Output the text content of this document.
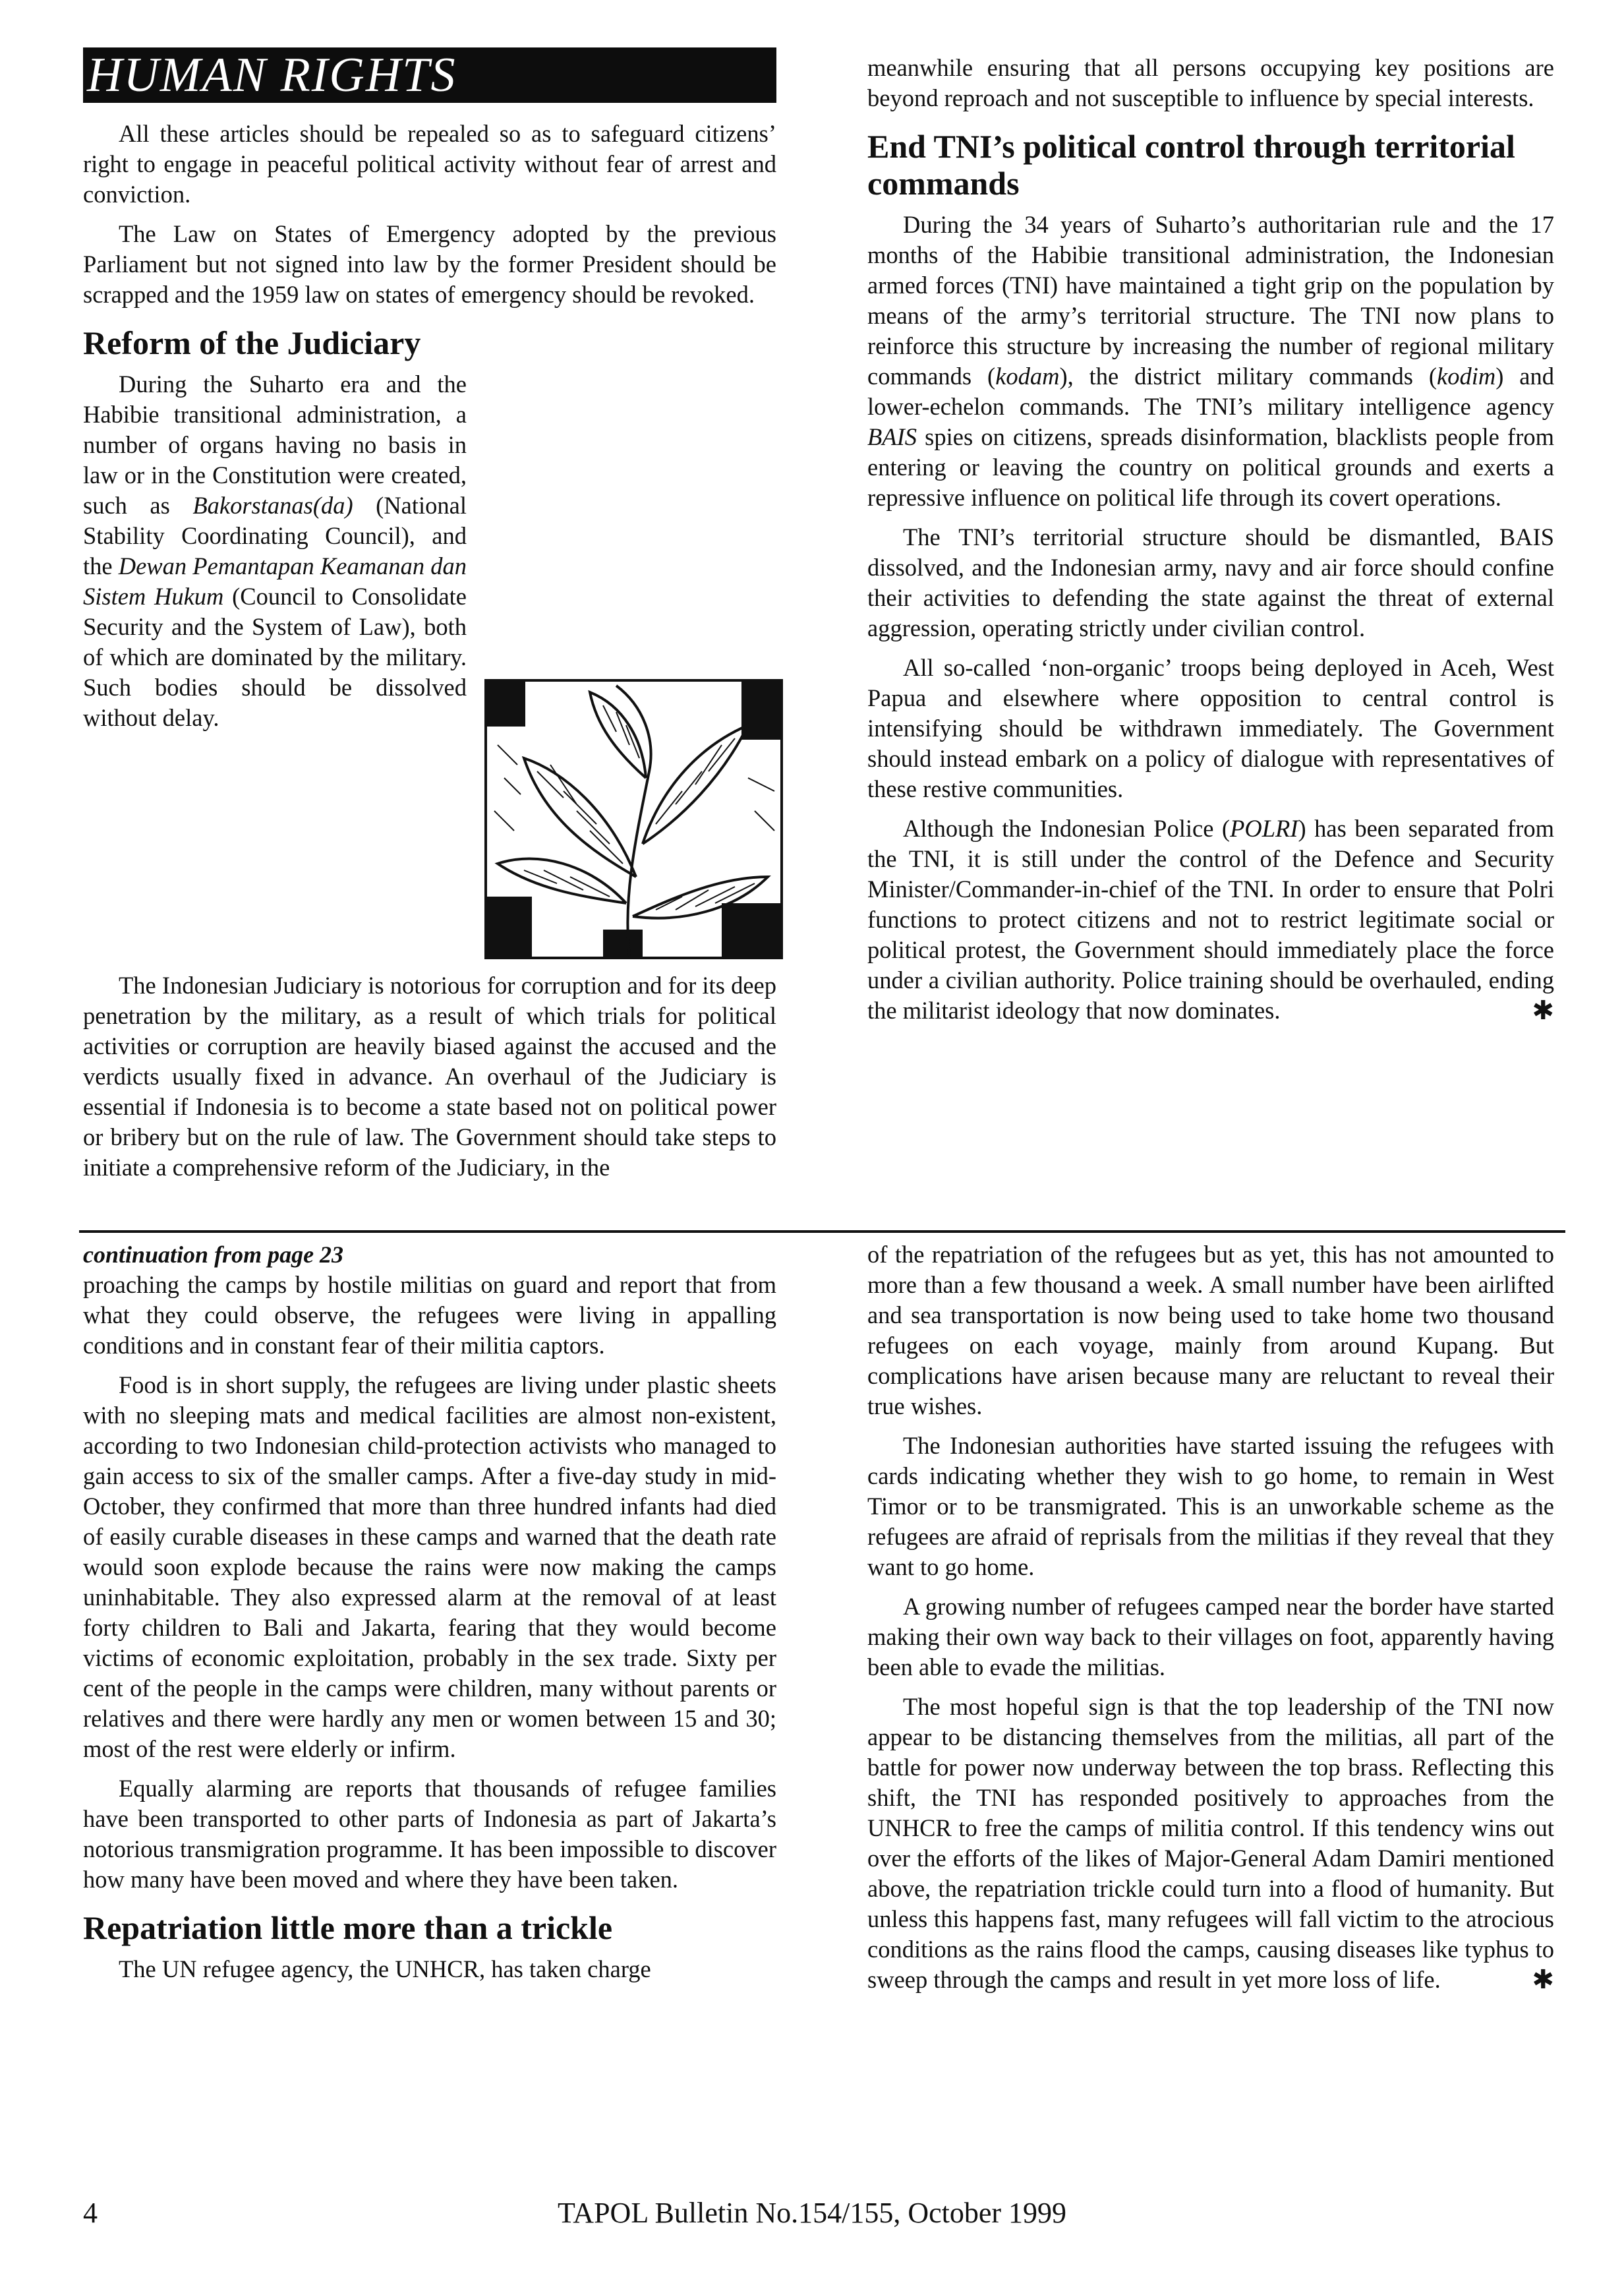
HUMAN RIGHTS

All these articles should be repealed so as to safeguard citizens’ right to engage in peaceful political activity without fear of arrest and conviction.

The Law on States of Emergency adopted by the previous Parliament but not signed into law by the former President should be scrapped and the 1959 law on states of emergency should be revoked.

Reform of the Judiciary

During the Suharto era and the Habibie transitional administration, a number of organs having no basis in law or in the Constitution were created, such as Bakorstanas(da) (National Stability Coordinating Council), and the Dewan Pemantapan Keamanan dan Sistem Hukum (Council to Consolidate Security and the System of Law), both of which are dominated by the military. Such bodies should be dissolved without delay.

The Indonesian Judiciary is notorious for corruption and for its deep penetration by the military, as a result of which trials for political activities or corruption are heavily biased against the accused and the verdicts usually fixed in advance. An overhaul of the Judiciary is essential if Indonesia is to become a state based not on political power or bribery but on the rule of law. The Government should take steps to initiate a comprehensive reform of the Judiciary, in the

meanwhile ensuring that all persons occupying key positions are beyond reproach and not susceptible to influence by special interests.

End TNI’s political control through territorial commands

During the 34 years of Suharto’s authoritarian rule and the 17 months of the Habibie transitional administration, the Indonesian armed forces (TNI) have maintained a tight grip on the population by means of the army’s territorial structure. The TNI now plans to reinforce this structure by increasing the number of regional military commands (kodam), the district military commands (kodim) and lower-echelon commands. The TNI’s military intelligence agency BAIS spies on citizens, spreads disinformation, blacklists people from entering or leaving the country on political grounds and exerts a repressive influence on political life through its covert operations.

The TNI’s territorial structure should be dismantled, BAIS dissolved, and the Indonesian army, navy and air force should confine their activities to defending the state against the threat of external aggression, operating strictly under civilian control.

All so-called ‘non-organic’ troops being deployed in Aceh, West Papua and elsewhere where opposition to central control is intensifying should be withdrawn immediately. The Government should instead embark on a policy of dialogue with representatives of these restive communities.

Although the Indonesian Police (POLRI) has been separated from the TNI, it is still under the control of the Defence and Security Minister/Commander-in-chief of the TNI. In order to ensure that Polri functions to protect citizens and not to restrict legitimate social or political protest, the Government should immediately place the force under a civilian authority. Police training should be overhauled, ending the militarist ideology that now dominates.	✱

continuation from page 23

proaching the camps by hostile militias on guard and report that from what they could observe, the refugees were living in appalling conditions and in constant fear of their militia captors.

Food is in short supply, the refugees are living under plastic sheets with no sleeping mats and medical facilities are almost non-existent, according to two Indonesian child-protection activists who managed to gain access to six of the smaller camps. After a five-day study in mid-October, they confirmed that more than three hundred infants had died of easily curable diseases in these camps and warned that the death rate would soon explode because the rains were now making the camps uninhabitable. They also expressed alarm at the removal of at least forty children to Bali and Jakarta, fearing that they would become victims of economic exploitation, probably in the sex trade. Sixty per cent of the people in the camps were children, many without parents or relatives and there were hardly any men or women between 15 and 30; most of the rest were elderly or infirm.

Equally alarming are reports that thousands of refugee families have been transported to other parts of Indonesia as part of Jakarta’s notorious transmigration programme. It has been impossible to discover how many have been moved and where they have been taken.

Repatriation little more than a trickle

The UN refugee agency, the UNHCR, has taken charge

of the repatriation of the refugees but as yet, this has not amounted to more than a few thousand a week. A small number have been airlifted and sea transportation is now being used to take home two thousand refugees on each voyage, mainly from around Kupang. But complications have arisen because many are reluctant to reveal their true wishes.

The Indonesian authorities have started issuing the refugees with cards indicating whether they wish to go home, to remain in West Timor or to be transmigrated. This is an unworkable scheme as the refugees are afraid of reprisals from the militias if they reveal that they want to go home.

A growing number of refugees camped near the border have started making their own way back to their villages on foot, apparently having been able to evade the militias.

The most hopeful sign is that the top leadership of the TNI now appear to be distancing themselves from the militias, all part of the battle for power now underway between the top brass. Reflecting this shift, the TNI has responded positively to approaches from the UNHCR to free the camps of militia control. If this tendency wins out over the efforts of the likes of Major-General Adam Damiri mentioned above, the repatriation trickle could turn into a flood of humanity. But unless this happens fast, many refugees will fall victim to the atrocious conditions as the rains flood the camps, causing diseases like typhus to sweep through the camps and result in yet more loss of life.	✱

4	TAPOL Bulletin No.154/155, October 1999
